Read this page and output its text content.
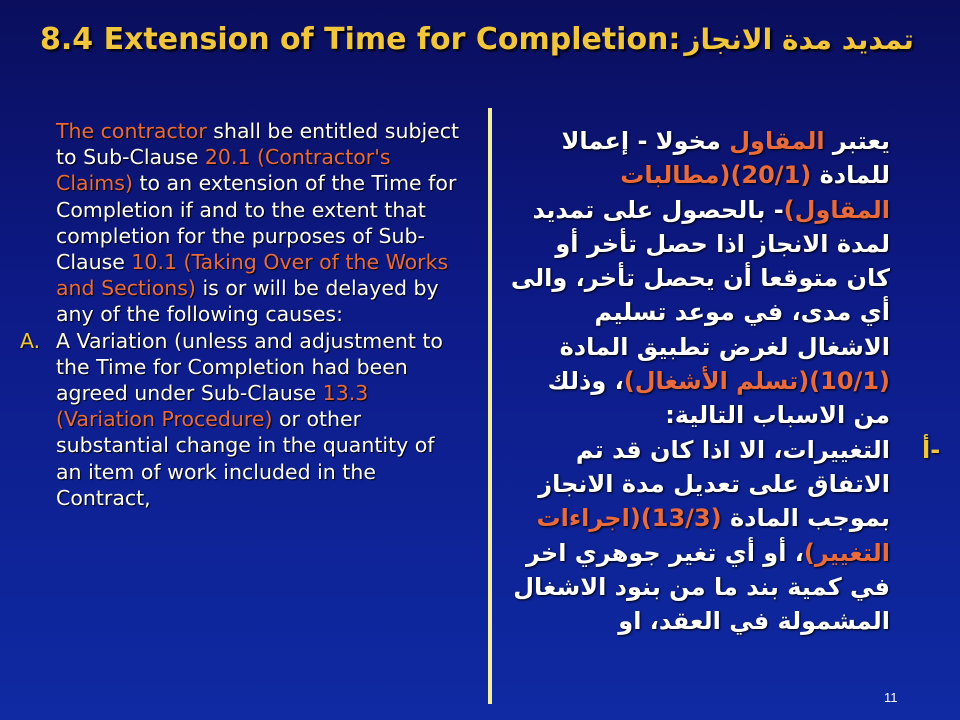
8.4 Extension of Time for Completion: تمديد مدة الانجاز
The contractor shall be entitled subject to Sub-Clause 20.1 (Contractor's Claims) to an extension of the Time for Completion if and to the extent that completion for the purposes of Sub-Clause 10.1 (Taking Over of the Works and Sections) is or will be delayed by any of the following causes:
A. A Variation (unless and adjustment to the Time for Completion had been agreed under Sub-Clause 13.3 (Variation Procedure) or other substantial change in the quantity of an item of work included in the Contract,
يعتبر المقاول مخولا - إعمالا للمادة (20/1)(مطالبات المقاول)- بالحصول على تمديد لمدة الانجاز اذا حصل تأخر أو كان متوقعا أن يحصل تأخر، والى أي مدى، في موعد تسليم الاشغال لغرض تطبيق المادة (10/1)(تسلم الأشغال)، وذلك من الاسباب التالية:
التغييرات، الا اذا كان قد تم الاتفاق على تعديل مدة الانجاز بموجب المادة (13/3)(اجراءات التغيير)، أو أي تغير جوهري اخر في كمية بند ما من بنود الاشغال المشمولة في العقد، او
أ-
11
